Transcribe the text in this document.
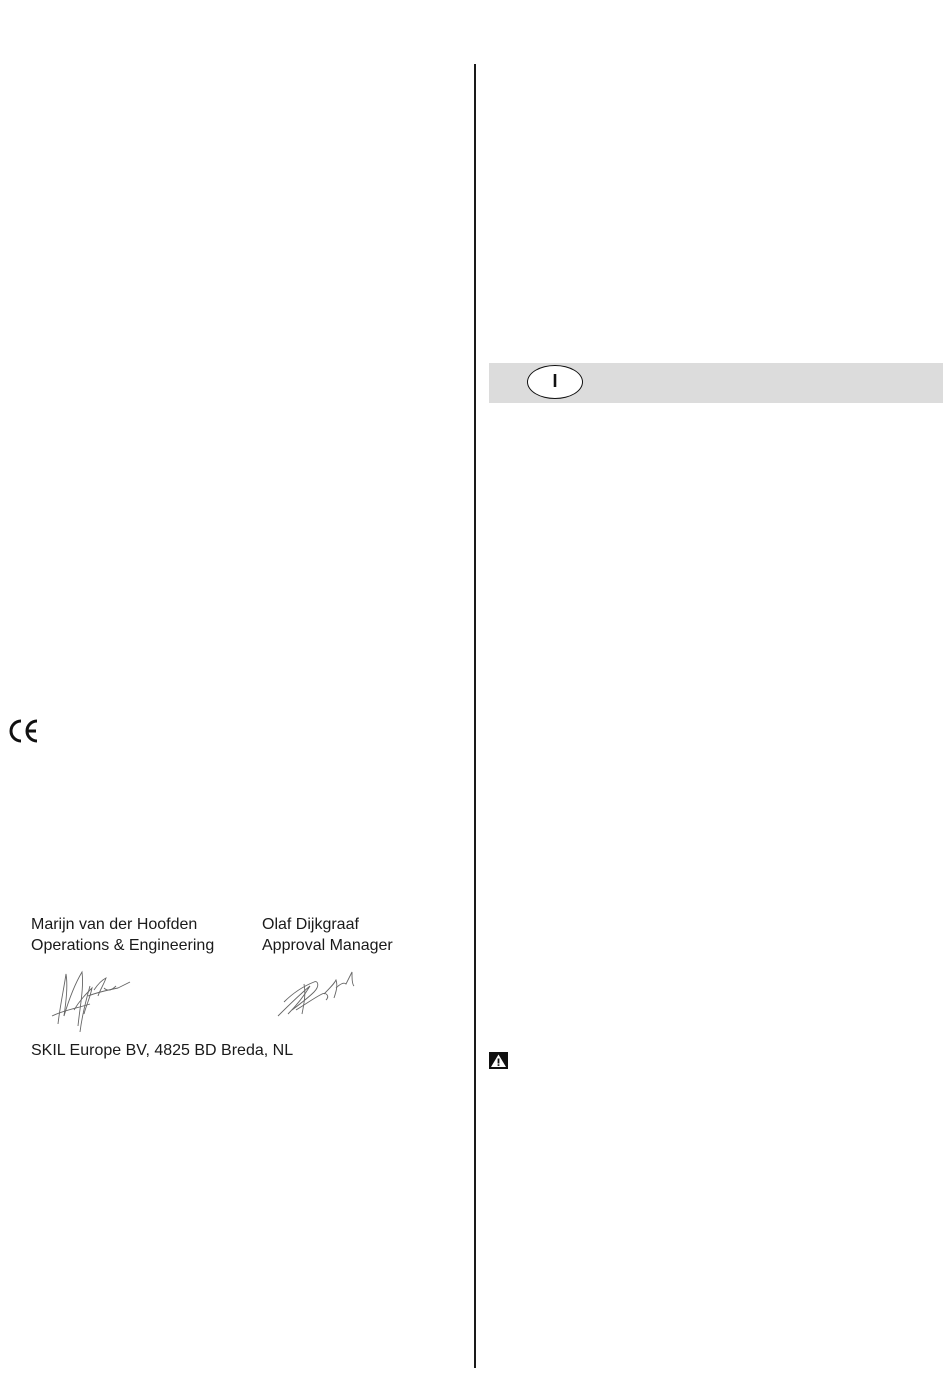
Marijn van der Hoofden
Operations & Engineering
Olaf Dijkgraaf
Approval Manager
SKIL Europe BV, 4825 BD Breda, NL
I
